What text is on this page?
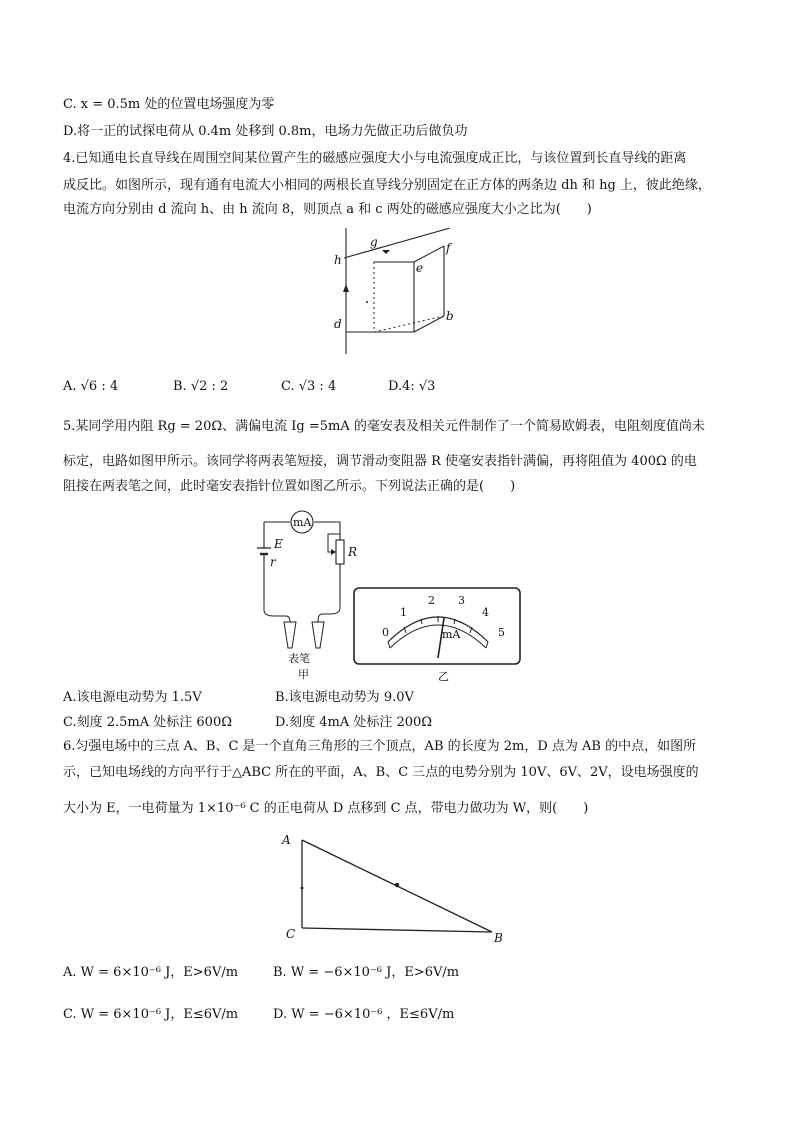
C. x = 0.5m 处的位置电场强度为零
D.将一正的试探电荷从 0.4m 处移到 0.8m，电场力先做正功后做负功
4.已知通电长直导线在周围空间某位置产生的磁感应强度大小与电流强度成正比，与该位置到长直导线的距离
成反比。如图所示，现有通有电流大小相同的两根长直导线分别固定在正方体的两条边 dh 和 hg 上，彼此绝缘，
电流方向分别由 d 流向 h、由 h 流向 8，则顶点 a 和 c 两处的磁感应强度大小之比为(　　)
h
g	f
e
d
b
A. √6 : 4	B. √2 : 2	C. √3 : 4	D.4: √3
5.某同学用内阻 Rg = 20Ω、满偏电流 Ig =5mA 的毫安表及相关元件制作了一个简易欧姆表，电阻刻度值尚未
标定，电路如图甲所示。该同学将两表笔短接，调节滑动变阻器 R 使毫安表指针满偏，再将阻值为 400Ω 的电
阻接在两表笔之间，此时毫安表指针位置如图乙所示。下列说法正确的是(　　)
mA
E
r
R
表笔
甲
0
1
2 3
4
5
mA
乙
A.该电源电动势为 1.5V	B.该电源电动势为 9.0V
C.刻度 2.5mA 处标注 600Ω	D.刻度 4mA 处标注 200Ω
6.匀强电场中的三点 A、B、C 是一个直角三角形的三个顶点，AB 的长度为 2m，D 点为 AB 的中点，如图所
示，已知电场线的方向平行于△ABC 所在的平面，A、B、C 三点的电势分别为 10V、6V、2V，设电场强度的
大小为 E，一电荷量为 1×10⁻⁶ C 的正电荷从 D 点移到 C 点，带电力做功为 W，则(　　)
A
B
C
A. W = 6×10⁻⁶ J，E>6V/m	B. W = −6×10⁻⁶ J，E>6V/m
C. W = 6×10⁻⁶ J，E≤6V/m	D. W = −6×10⁻⁶ ，E≤6V/m
